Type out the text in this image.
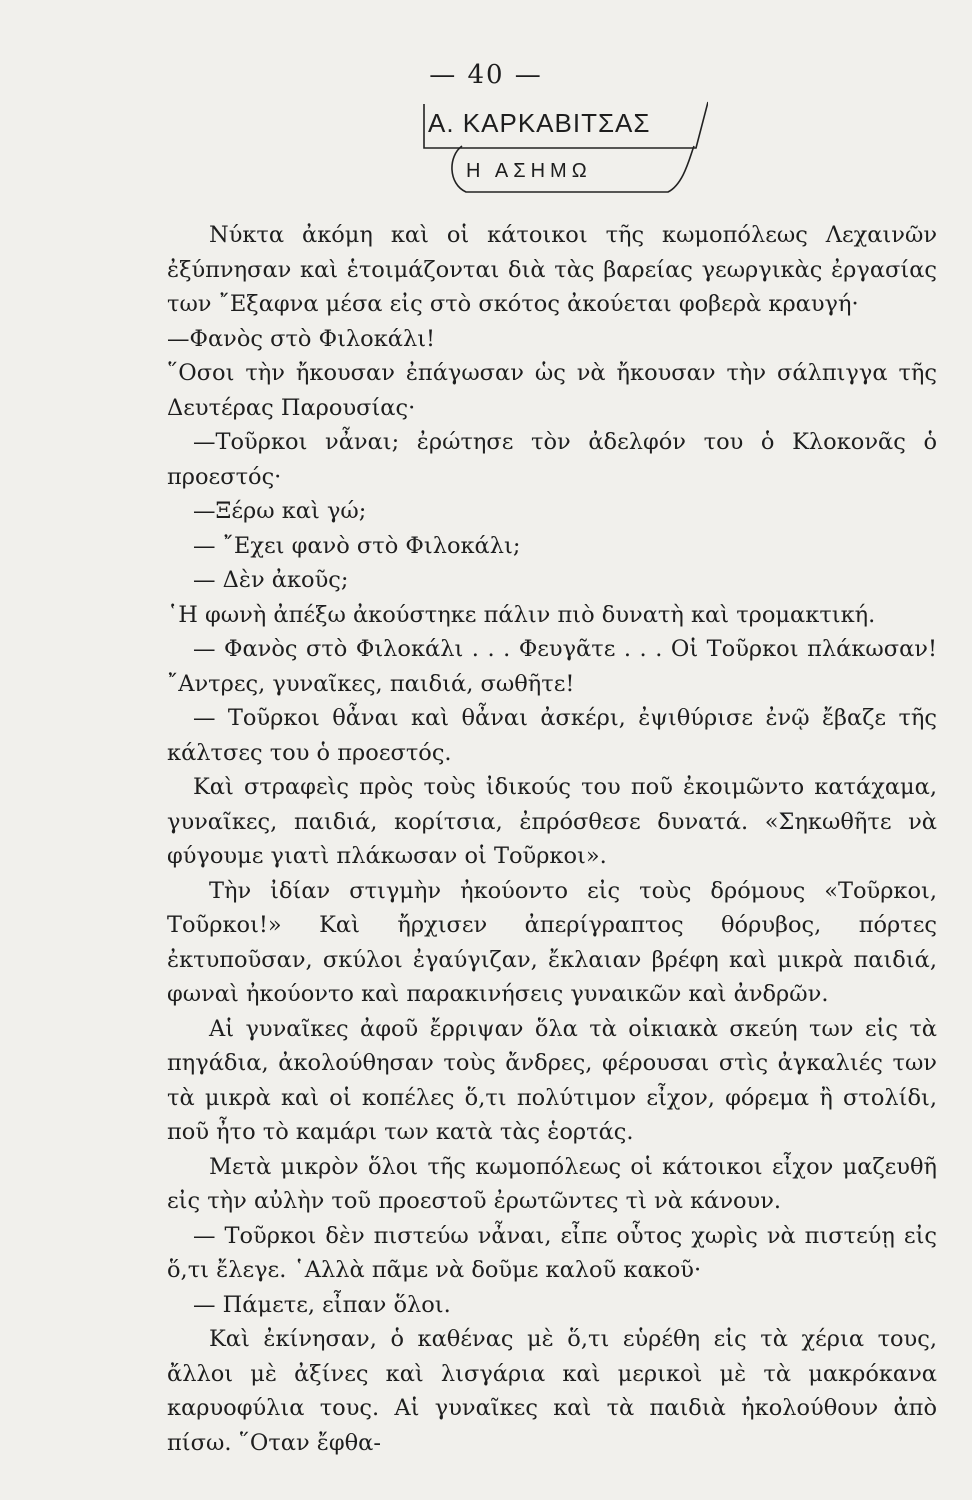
— 40 —
Α. ΚΑΡΚΑΒΙΤΣΑΣ
Η ΑΣΗΜΩ

Νύκτα ἀκόμη καὶ οἱ κάτοικοι τῆς κωμοπόλεως Λεχαινῶν ἐξύπνησαν καὶ ἑτοιμάζονται διὰ τὰς βαρείας γεωργικὰς ἐργασίας των ῎Εξαφνα μέσα εἰς στὸ σκότος ἀκούεται φοβερὰ κραυγή·

—Φανὸς στὸ Φιλοκάλι!

῞Οσοι τὴν ἤκουσαν ἐπάγωσαν ὡς νὰ ἤκουσαν τὴν σάλπιγγα τῆς Δευτέρας Παρουσίας·

—Τοῦρκοι νἆναι; ἐρώτησε τὸν ἀδελφόν του ὁ Κλοκονᾶς ὁ προεστός·

—Ξέρω καὶ γώ;

— ῎Εχει φανὸ στὸ Φιλοκάλι;

— Δὲν ἀκοῦς;

῾Η φωνὴ ἀπέξω ἀκούστηκε πάλιν πιὸ δυνατὴ καὶ τρομακτική.

— Φανὸς στὸ Φιλοκάλι . . . Φευγᾶτε . . . Οἱ Τοῦρκοι πλάκωσαν! ῎Αντρες, γυναῖκες, παιδιά, σωθῆτε!

— Τοῦρκοι θἆναι καὶ θἆναι ἀσκέρι, ἐψιθύρισε ἐνῷ ἔβαζε τῆς κάλτσες του ὁ προεστός.

Καὶ στραφεὶς πρὸς τοὺς ἰδικούς του ποῦ ἐκοιμῶντο κατάχαμα, γυναῖκες, παιδιά, κορίτσια, ἐπρόσθεσε δυνατά. «Σηκωθῆτε νὰ φύγουμε γιατὶ πλάκωσαν οἱ Τοῦρκοι».

Τὴν ἰδίαν στιγμὴν ἠκούοντο εἰς τοὺς δρόμους «Τοῦρκοι, Τοῦρκοι!» Καὶ ἤρχισεν ἀπερίγραπτος θόρυβος, πόρτες ἐκτυποῦσαν, σκύλοι ἐγαύγιζαν, ἔκλαιαν βρέφη καὶ μικρὰ παιδιά, φωναὶ ἠκούοντο καὶ παρακινήσεις γυναικῶν καὶ ἀνδρῶν.

Αἱ γυναῖκες ἀφοῦ ἔρριψαν ὅλα τὰ οἰκιακὰ σκεύη των εἰς τὰ πηγάδια, ἀκολούθησαν τοὺς ἄνδρες, φέρουσαι στὶς ἀγκαλιές των τὰ μικρὰ καὶ οἱ κοπέλες ὅ,τι πολύτιμον εἶχον, φόρεμα ἢ στολίδι, ποῦ ἦτο τὸ καμάρι των κατὰ τὰς ἑορτάς.

Μετὰ μικρὸν ὅλοι τῆς κωμοπόλεως οἱ κάτοικοι εἶχον μαζευθῆ εἰς τὴν αὐλὴν τοῦ προεστοῦ ἐρωτῶντες τὶ νὰ κάνουν.

— Τοῦρκοι δὲν πιστεύω νἆναι, εἶπε οὗτος χωρὶς νὰ πιστεύῃ εἰς ὅ,τι ἔλεγε. ῾Αλλὰ πᾶμε νὰ δοῦμε καλοῦ κακοῦ·

— Πάμετε, εἶπαν ὅλοι.

Καὶ ἐκίνησαν, ὁ καθένας μὲ ὅ,τι εὑρέθη εἰς τὰ χέρια τους, ἄλλοι μὲ ἀξίνες καὶ λισγάρια καὶ μερικοὶ μὲ τὰ μακρόκανα καρυοφύλια τους. Αἱ γυναῖκες καὶ τὰ παιδιὰ ἠκολούθουν ἀπὸ πίσω. ῞Οταν ἔφθα-
